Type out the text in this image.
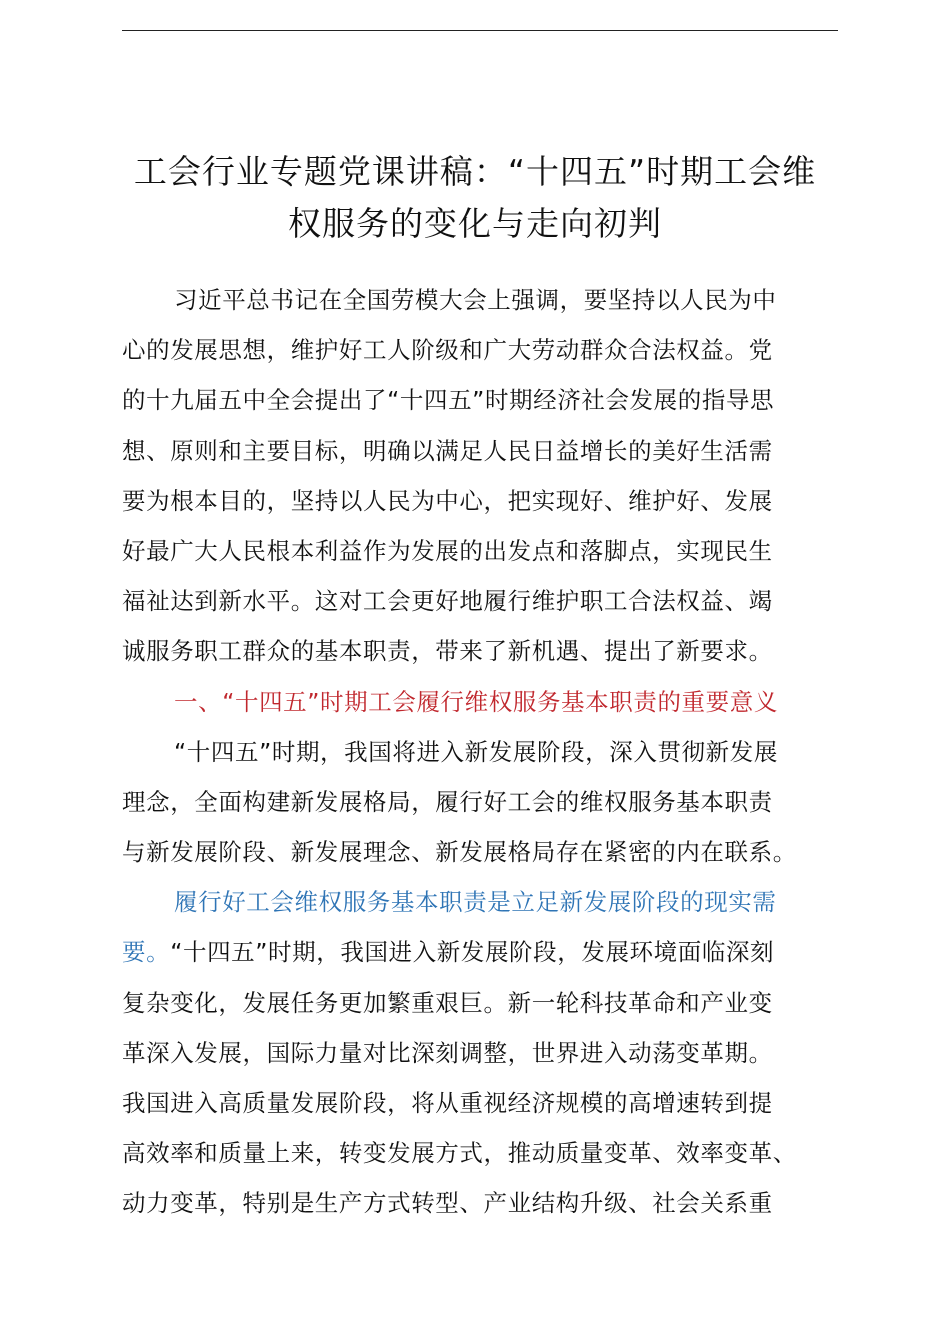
工会行业专题党课讲稿：“十四五”时期工会维
权服务的变化与走向初判
习近平总书记在全国劳模大会上强调，要坚持以人民为中
心的发展思想，维护好工人阶级和广大劳动群众合法权益。党
的十九届五中全会提出了“十四五”时期经济社会发展的指导思
想、原则和主要目标，明确以满足人民日益增长的美好生活需
要为根本目的，坚持以人民为中心，把实现好、维护好、发展
好最广大人民根本利益作为发展的出发点和落脚点，实现民生
福祉达到新水平。这对工会更好地履行维护职工合法权益、竭
诚服务职工群众的基本职责，带来了新机遇、提出了新要求。
一、“十四五”时期工会履行维权服务基本职责的重要意义
“十四五”时期，我国将进入新发展阶段，深入贯彻新发展
理念，全面构建新发展格局，履行好工会的维权服务基本职责
与新发展阶段、新发展理念、新发展格局存在紧密的内在联系。
履行好工会维权服务基本职责是立足新发展阶段的现实需
要。“十四五”时期，我国进入新发展阶段，发展环境面临深刻
复杂变化，发展任务更加繁重艰巨。新一轮科技革命和产业变
革深入发展，国际力量对比深刻调整，世界进入动荡变革期。
我国进入高质量发展阶段，将从重视经济规模的高增速转到提
高效率和质量上来，转变发展方式，推动质量变革、效率变革、
动力变革，特别是生产方式转型、产业结构升级、社会关系重
